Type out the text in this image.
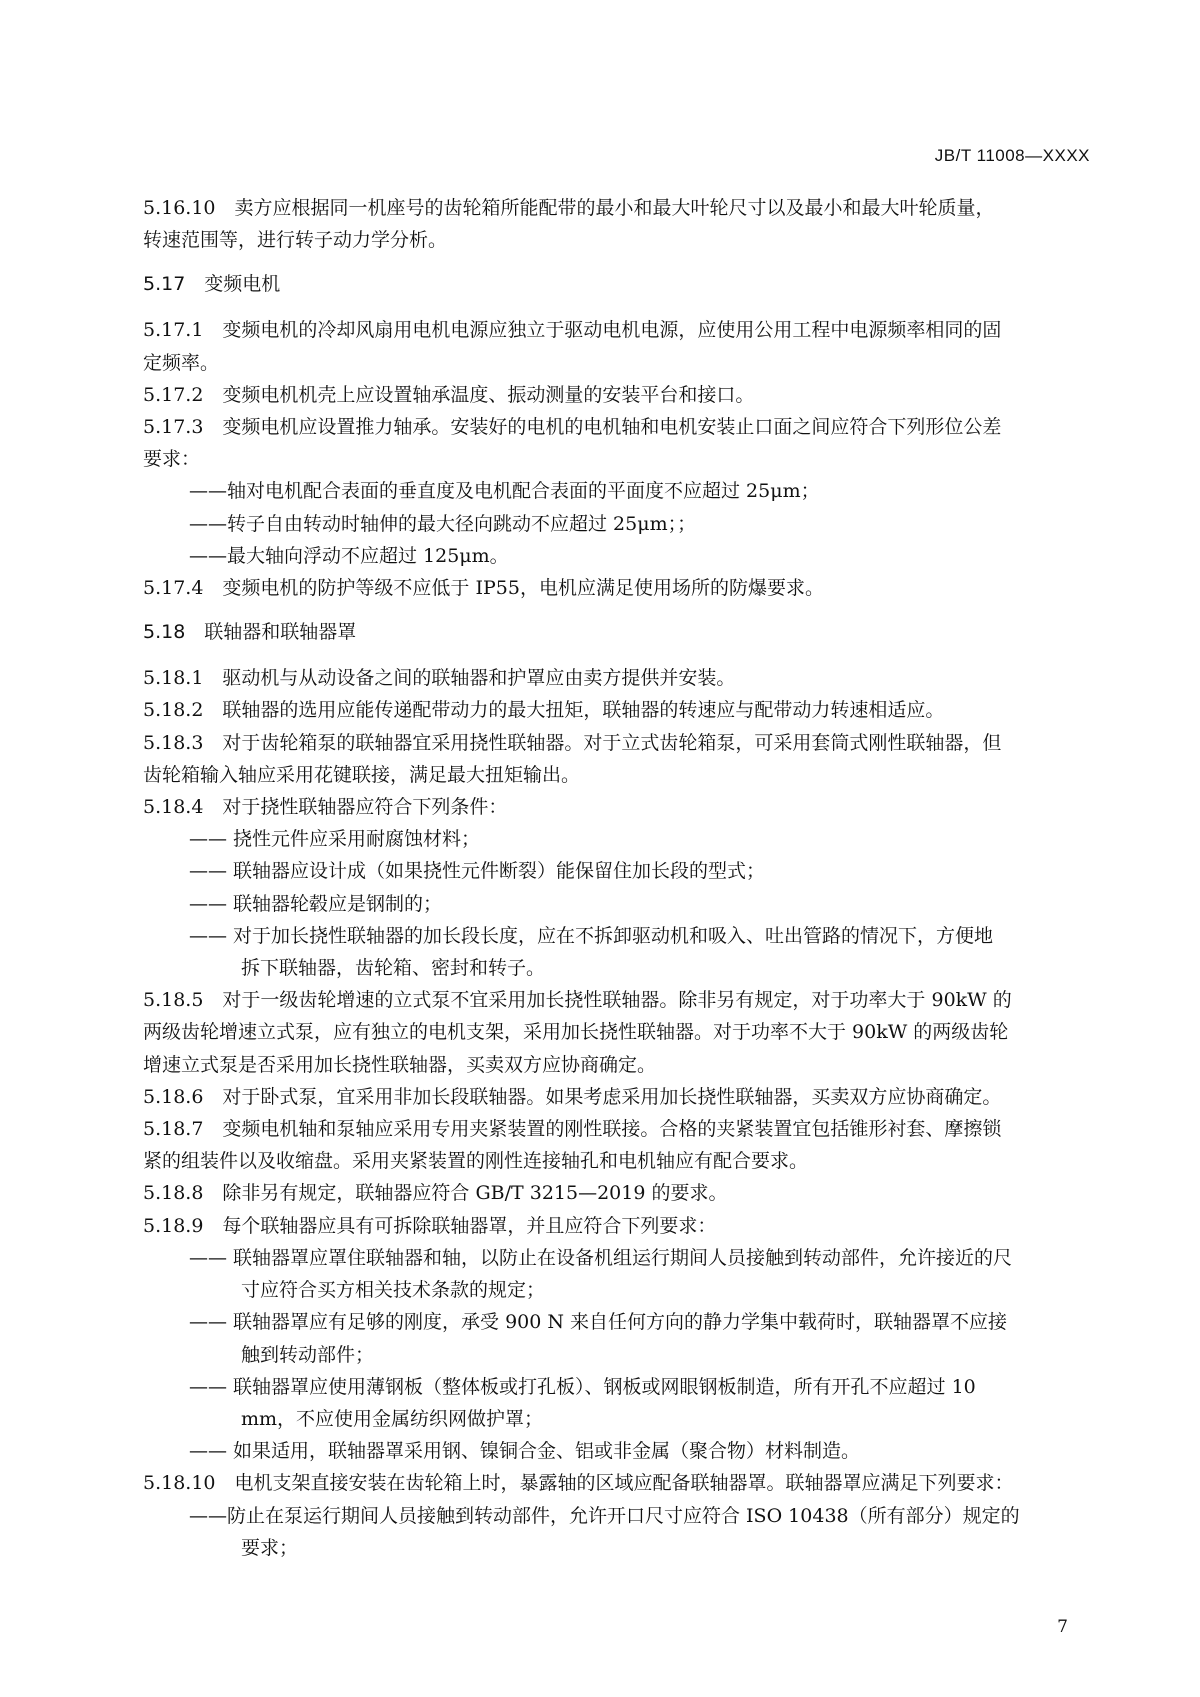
JB/T 11008—XXXX
5.16.10　卖方应根据同一机座号的齿轮箱所能配带的最小和最大叶轮尺寸以及最小和最大叶轮质量，
转速范围等，进行转子动力学分析。
5.17　变频电机
5.17.1　变频电机的冷却风扇用电机电源应独立于驱动电机电源，应使用公用工程中电源频率相同的固
定频率。
5.17.2　变频电机机壳上应设置轴承温度、振动测量的安装平台和接口。
5.17.3　变频电机应设置推力轴承。安装好的电机的电机轴和电机安装止口面之间应符合下列形位公差
要求：
——轴对电机配合表面的垂直度及电机配合表面的平面度不应超过 25μm；
——转子自由转动时轴伸的最大径向跳动不应超过 25μm；；
——最大轴向浮动不应超过 125μm。
5.17.4　变频电机的防护等级不应低于 IP55，电机应满足使用场所的防爆要求。
5.18　联轴器和联轴器罩
5.18.1　驱动机与从动设备之间的联轴器和护罩应由卖方提供并安装。
5.18.2　联轴器的选用应能传递配带动力的最大扭矩，联轴器的转速应与配带动力转速相适应。
5.18.3　对于齿轮箱泵的联轴器宜采用挠性联轴器。对于立式齿轮箱泵，可采用套筒式刚性联轴器，但
齿轮箱输入轴应采用花键联接，满足最大扭矩输出。
5.18.4　对于挠性联轴器应符合下列条件：
—— 挠性元件应采用耐腐蚀材料；
—— 联轴器应设计成（如果挠性元件断裂）能保留住加长段的型式；
—— 联轴器轮毂应是钢制的；
—— 对于加长挠性联轴器的加长段长度，应在不拆卸驱动机和吸入、吐出管路的情况下，方便地
拆下联轴器，齿轮箱、密封和转子。
5.18.5　对于一级齿轮增速的立式泵不宜采用加长挠性联轴器。除非另有规定，对于功率大于 90kW 的
两级齿轮增速立式泵，应有独立的电机支架，采用加长挠性联轴器。对于功率不大于 90kW 的两级齿轮
增速立式泵是否采用加长挠性联轴器，买卖双方应协商确定。
5.18.6　对于卧式泵，宜采用非加长段联轴器。如果考虑采用加长挠性联轴器，买卖双方应协商确定。
5.18.7　变频电机轴和泵轴应采用专用夹紧装置的刚性联接。合格的夹紧装置宜包括锥形衬套、摩擦锁
紧的组装件以及收缩盘。采用夹紧装置的刚性连接轴孔和电机轴应有配合要求。
5.18.8　除非另有规定，联轴器应符合 GB/T 3215—2019 的要求。
5.18.9　每个联轴器应具有可拆除联轴器罩，并且应符合下列要求：
—— 联轴器罩应罩住联轴器和轴，以防止在设备机组运行期间人员接触到转动部件，允许接近的尺
寸应符合买方相关技术条款的规定；
—— 联轴器罩应有足够的刚度，承受 900 N 来自任何方向的静力学集中载荷时，联轴器罩不应接
触到转动部件；
—— 联轴器罩应使用薄钢板（整体板或打孔板）、钢板或网眼钢板制造，所有开孔不应超过 10
mm，不应使用金属纺织网做护罩；
—— 如果适用，联轴器罩采用钢、镍铜合金、铝或非金属（聚合物）材料制造。
5.18.10　电机支架直接安装在齿轮箱上时，暴露轴的区域应配备联轴器罩。联轴器罩应满足下列要求：
——防止在泵运行期间人员接触到转动部件，允许开口尺寸应符合 ISO 10438（所有部分）规定的
要求；
7
